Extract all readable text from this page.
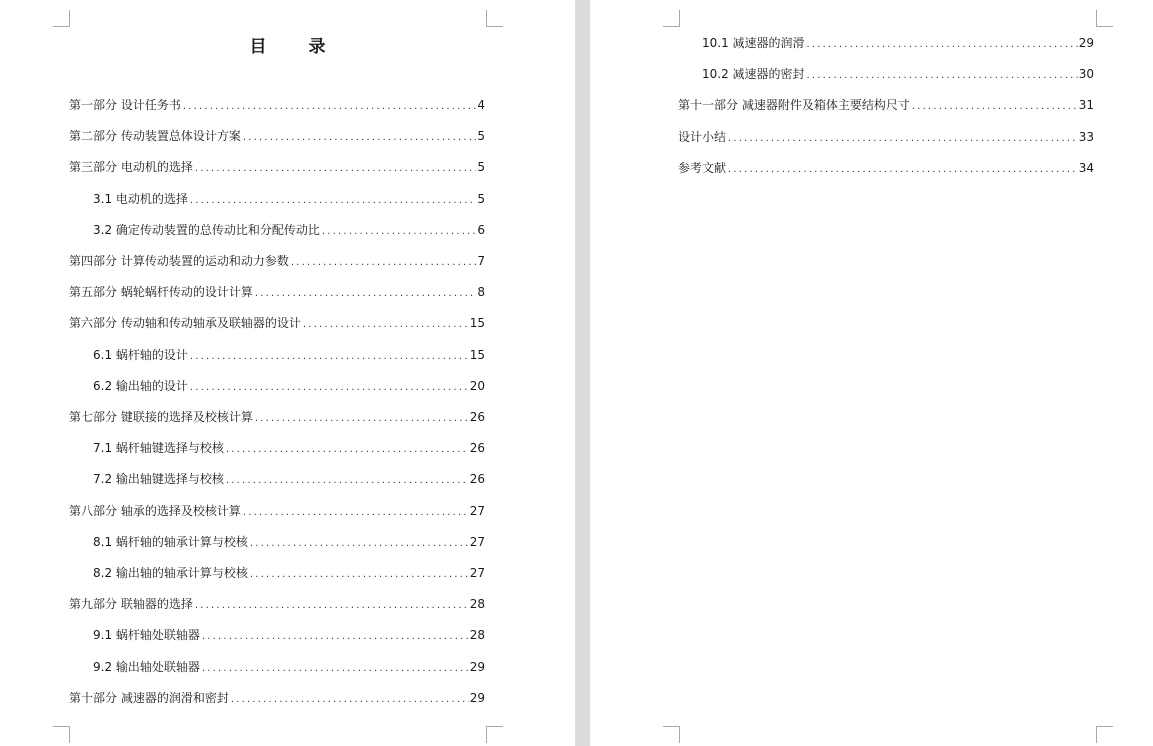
目 录
第一部分 设计任务书 .....	4
第二部分 传动装置总体设计方案 .....	5
第三部分 电动机的选择 .....	5
3.1 电动机的选择 .....	5
3.2 确定传动装置的总传动比和分配传动比 .....	6
第四部分 计算传动装置的运动和动力参数 .....	7
第五部分 蜗轮蜗杆传动的设计计算 .....	8
第六部分 传动轴和传动轴承及联轴器的设计 .....	15
6.1 蜗杆轴的设计 .....	15
6.2 输出轴的设计 .....	20
第七部分 键联接的选择及校核计算 .....	26
7.1 蜗杆轴键选择与校核 .....	26
7.2 输出轴键选择与校核 .....	26
第八部分 轴承的选择及校核计算 .....	27
8.1 蜗杆轴的轴承计算与校核 .....	27
8.2 输出轴的轴承计算与校核 .....	27
第九部分 联轴器的选择 .....	28
9.1 蜗杆轴处联轴器 .....	28
9.2 输出轴处联轴器 .....	29
第十部分 减速器的润滑和密封 .....	29
10.1 减速器的润滑 .....	29
10.2 减速器的密封 .....	30
第十一部分 减速器附件及箱体主要结构尺寸 .....	31
设计小结 .....	33
参考文献 .....	34
